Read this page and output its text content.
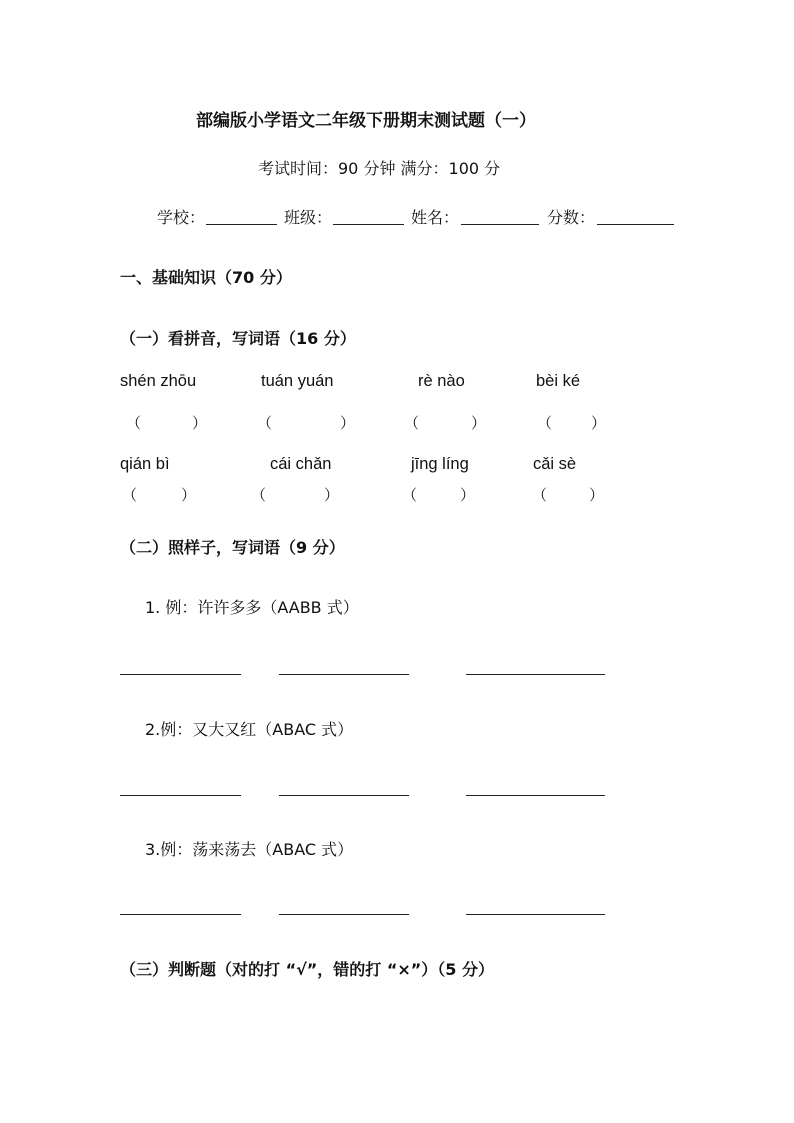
部编版小学语文二年级下册期末测试题（一）
考试时间：90 分钟 满分：100 分
学校：	班级：	姓名：	分数：
一、基础知识（70 分）
（一）看拼音，写词语（16 分）
shén zhōu	tuán yuán	rè nào	bèi ké
（	）	（	）	（	）	（	）
qián bì	cái chǎn	jīng líng	cǎi sè
（	）	（	）	（	）	（	）
（二）照样子，写词语（9 分）
1. 例：许许多多（AABB 式）
2.例：又大又红（ABAC 式）
3.例：荡来荡去（ABAC 式）
（三）判断题（对的打 “√”，错的打 “×”）（5 分）
